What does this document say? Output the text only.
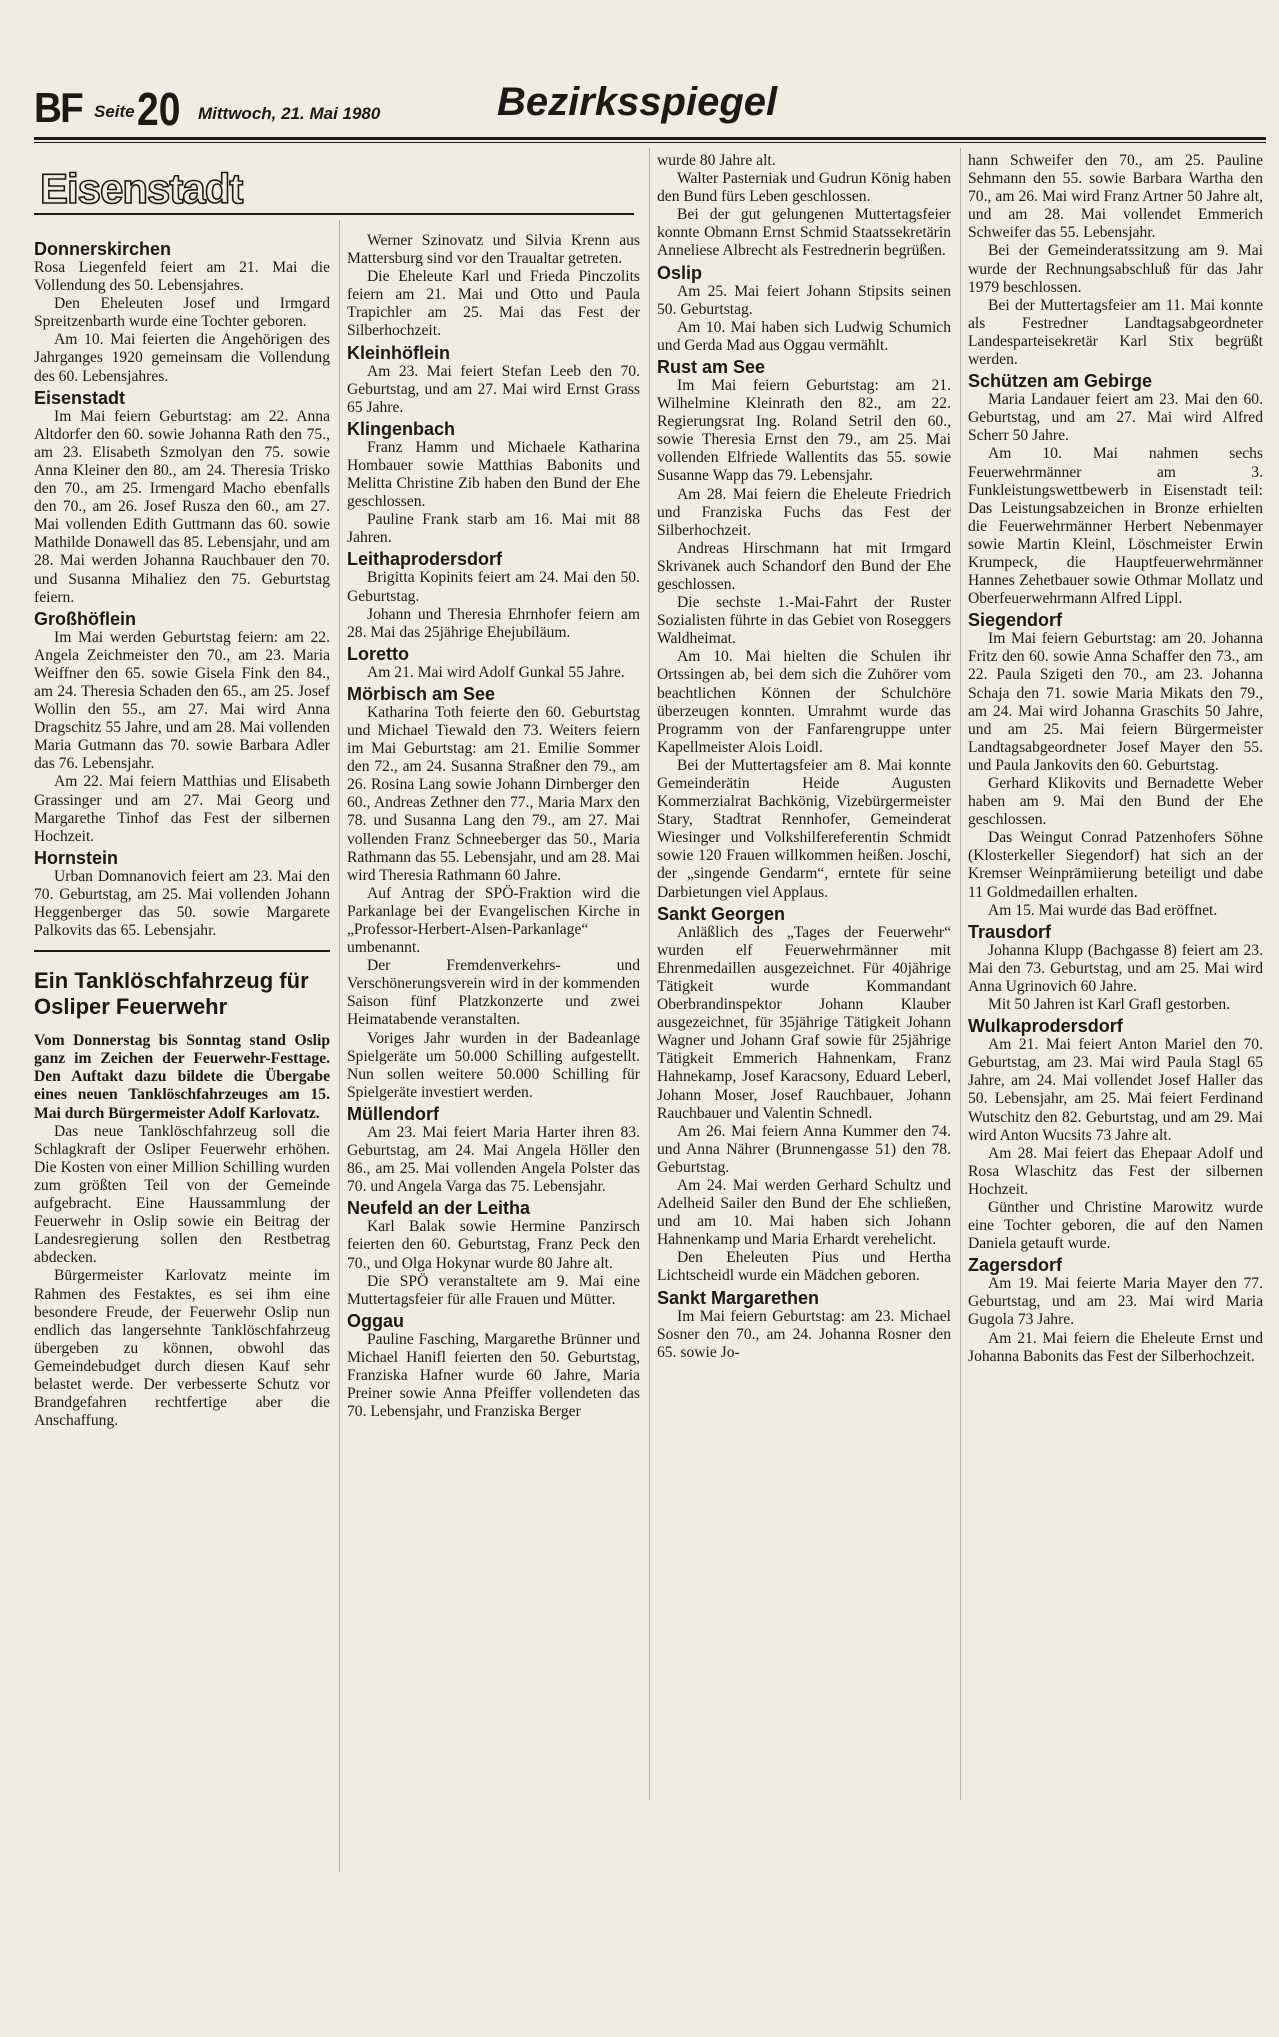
BF Seite 20 Mittwoch, 21. Mai 1980	Bezirksspiegel
Eisenstadt
Donnerskirchen

Rosa Liegenfeld feiert am 21. Mai die Vollendung des 50. Lebensjahres.

Den Eheleuten Josef und Irmgard Spreitzenbarth wurde eine Tochter geboren.

Am 10. Mai feierten die Angehörigen des Jahrganges 1920 gemeinsam die Vollendung des 60. Lebensjahres.

Eisenstadt

Im Mai feiern Geburtstag: am 22. Anna Altdorfer den 60. sowie Johanna Rath den 75., am 23. Elisabeth Szmolyan den 75. sowie Anna Kleiner den 80., am 24. Theresia Trisko den 70., am 25. Irmengard Macho ebenfalls den 70., am 26. Josef Rusza den 60., am 27. Mai vollenden Edith Guttmann das 60. sowie Mathilde Donawell das 85. Lebensjahr, und am 28. Mai werden Johanna Rauchbauer den 70. und Susanna Mihaliez den 75. Geburtstag feiern.

Großhöflein

Im Mai werden Geburtstag feiern: am 22. Angela Zeichmeister den 70., am 23. Maria Weiffner den 65. sowie Gisela Fink den 84., am 24. Theresia Schaden den 65., am 25. Josef Wollin den 55., am 27. Mai wird Anna Dragschitz 55 Jahre, und am 28. Mai vollenden Maria Gutmann das 70. sowie Barbara Adler das 76. Lebensjahr.

Am 22. Mai feiern Matthias und Elisabeth Grassinger und am 27. Mai Georg und Margarethe Tinhof das Fest der silbernen Hochzeit.

Hornstein

Urban Domnanovich feiert am 23. Mai den 70. Geburtstag, am 25. Mai vollenden Johann Heggenberger das 50. sowie Margarete Palkovits das 65. Lebensjahr.

Ein Tanklöschfahrzeug für Osliper Feuerwehr

Vom Donnerstag bis Sonntag stand Oslip ganz im Zeichen der Feuerwehr-Festtage. Den Auftakt dazu bildete die Übergabe eines neuen Tanklöschfahrzeuges am 15. Mai durch Bürgermeister Adolf Karlovatz.

Das neue Tanklöschfahrzeug soll die Schlagkraft der Osliper Feuerwehr erhöhen. Die Kosten von einer Million Schilling wurden zum größten Teil von der Gemeinde aufgebracht. Eine Haussammlung der Feuerwehr in Oslip sowie ein Beitrag der Landesregierung sollen den Restbetrag abdecken.

Bürgermeister Karlovatz meinte im Rahmen des Festaktes, es sei ihm eine besondere Freude, der Feuerwehr Oslip nun endlich das langersehnte Tanklöschfahrzeug übergeben zu können, obwohl das Gemeindebudget durch diesen Kauf sehr belastet werde. Der verbesserte Schutz vor Brandgefahren rechtfertige aber die Anschaffung.

Werner Szinovatz und Silvia Krenn aus Mattersburg sind vor den Traualtar getreten.

Die Eheleute Karl und Frieda Pinczolits feiern am 21. Mai und Otto und Paula Trapichler am 25. Mai das Fest der Silberhochzeit.

Kleinhöflein

Am 23. Mai feiert Stefan Leeb den 70. Geburtstag, und am 27. Mai wird Ernst Grass 65 Jahre.

Klingenbach

Franz Hamm und Michaele Katharina Hombauer sowie Matthias Babonits und Melitta Christine Zib haben den Bund der Ehe geschlossen.

Pauline Frank starb am 16. Mai mit 88 Jahren.

Leithaprodersdorf

Brigitta Kopinits feiert am 24. Mai den 50. Geburtstag.

Johann und Theresia Ehrnhofer feiern am 28. Mai das 25jährige Ehejubiläum.

Loretto

Am 21. Mai wird Adolf Gunkal 55 Jahre.

Mörbisch am See

Katharina Toth feierte den 60. Geburtstag und Michael Tiewald den 73. Weiters feiern im Mai Geburtstag: am 21. Emilie Sommer den 72., am 24. Susanna Straßner den 79., am 26. Rosina Lang sowie Johann Dirnberger den 60., Andreas Zethner den 77., Maria Marx den 78. und Susanna Lang den 79., am 27. Mai vollenden Franz Schneeberger das 50., Maria Rathmann das 55. Lebensjahr, und am 28. Mai wird Theresia Rathmann 60 Jahre.

Auf Antrag der SPÖ-Fraktion wird die Parkanlage bei der Evangelischen Kirche in „Professor-Herbert-Alsen-Parkanlage“ umbenannt.

Der Fremdenverkehrs- und Verschönerungsverein wird in der kommenden Saison fünf Platzkonzerte und zwei Heimatabende veranstalten.

Voriges Jahr wurden in der Badeanlage Spielgeräte um 50.000 Schilling aufgestellt. Nun sollen weitere 50.000 Schilling für Spielgeräte investiert werden.

Müllendorf

Am 23. Mai feiert Maria Harter ihren 83. Geburtstag, am 24. Mai Angela Höller den 86., am 25. Mai vollenden Angela Polster das 70. und Angela Varga das 75. Lebensjahr.

Neufeld an der Leitha

Karl Balak sowie Hermine Panzirsch feierten den 60. Geburtstag, Franz Peck den 70., und Olga Hokynar wurde 80 Jahre alt.

Die SPÖ veranstaltete am 9. Mai eine Muttertagsfeier für alle Frauen und Mütter.

Oggau

Pauline Fasching, Margarethe Brünner und Michael Hanifl feierten den 50. Geburtstag, Franziska Hafner wurde 60 Jahre, Maria Preiner sowie Anna Pfeiffer vollendeten das 70. Lebensjahr, und Franziska Berger

wurde 80 Jahre alt.

Walter Pasterniak und Gudrun König haben den Bund fürs Leben geschlossen.

Bei der gut gelungenen Muttertagsfeier konnte Obmann Ernst Schmid Staatssekretärin Anneliese Albrecht als Festrednerin begrüßen.

Oslip

Am 25. Mai feiert Johann Stipsits seinen 50. Geburtstag.

Am 10. Mai haben sich Ludwig Schumich und Gerda Mad aus Oggau vermählt.

Rust am See

Im Mai feiern Geburtstag: am 21. Wilhelmine Kleinrath den 82., am 22. Regierungsrat Ing. Roland Setril den 60., sowie Theresia Ernst den 79., am 25. Mai vollenden Elfriede Wallentits das 55. sowie Susanne Wapp das 79. Lebensjahr.

Am 28. Mai feiern die Eheleute Friedrich und Franziska Fuchs das Fest der Silberhochzeit.

Andreas Hirschmann hat mit Irmgard Skrivanek auch Schandorf den Bund der Ehe geschlossen.

Die sechste 1.-Mai-Fahrt der Ruster Sozialisten führte in das Gebiet von Roseggers Waldheimat.

Am 10. Mai hielten die Schulen ihr Ortssingen ab, bei dem sich die Zuhörer vom beachtlichen Können der Schulchöre überzeugen konnten. Umrahmt wurde das Programm von der Fanfarengruppe unter Kapellmeister Alois Loidl.

Bei der Muttertagsfeier am 8. Mai konnte Gemeinderätin Heide Augusten Kommerzialrat Bachkönig, Vizebürgermeister Stary, Stadtrat Rennhofer, Gemeinderat Wiesinger und Volkshilfereferentin Schmidt sowie 120 Frauen willkommen heißen. Joschi, der „singende Gendarm“, erntete für seine Darbietungen viel Applaus.

Sankt Georgen

Anläßlich des „Tages der Feuerwehr“ wurden elf Feuerwehrmänner mit Ehrenmedaillen ausgezeichnet. Für 40jährige Tätigkeit wurde Kommandant Oberbrandinspektor Johann Klauber ausgezeichnet, für 35jährige Tätigkeit Johann Wagner und Johann Graf sowie für 25jährige Tätigkeit Emmerich Hahnenkam, Franz Hahnekamp, Josef Karacsony, Eduard Leberl, Johann Moser, Josef Rauchbauer, Johann Rauchbauer und Valentin Schnedl.

Am 26. Mai feiern Anna Kummer den 74. und Anna Nährer (Brunnengasse 51) den 78. Geburtstag.

Am 24. Mai werden Gerhard Schultz und Adelheid Sailer den Bund der Ehe schließen, und am 10. Mai haben sich Johann Hahnenkamp und Maria Erhardt verehelicht.

Den Eheleuten Pius und Hertha Lichtscheidl wurde ein Mädchen geboren.

Sankt Margarethen

Im Mai feiern Geburtstag: am 23. Michael Sosner den 70., am 24. Johanna Rosner den 65. sowie Jo-

hann Schweifer den 70., am 25. Pauline Sehmann den 55. sowie Barbara Wartha den 70., am 26. Mai wird Franz Artner 50 Jahre alt, und am 28. Mai vollendet Emmerich Schweifer das 55. Lebensjahr.

Bei der Gemeinderatssitzung am 9. Mai wurde der Rechnungsabschluß für das Jahr 1979 beschlossen.

Bei der Muttertagsfeier am 11. Mai konnte als Festredner Landtagsabgeordneter Landesparteisekretär Karl Stix begrüßt werden.

Schützen am Gebirge

Maria Landauer feiert am 23. Mai den 60. Geburtstag, und am 27. Mai wird Alfred Scherr 50 Jahre.

Am 10. Mai nahmen sechs Feuerwehrmänner am 3. Funkleistungswettbewerb in Eisenstadt teil: Das Leistungsabzeichen in Bronze erhielten die Feuerwehrmänner Herbert Nebenmayer sowie Martin Kleinl, Löschmeister Erwin Krumpeck, die Hauptfeuerwehrmänner Hannes Zehetbauer sowie Othmar Mollatz und Oberfeuerwehrmann Alfred Lippl.

Siegendorf

Im Mai feiern Geburtstag: am 20. Johanna Fritz den 60. sowie Anna Schaffer den 73., am 22. Paula Szigeti den 70., am 23. Johanna Schaja den 71. sowie Maria Mikats den 79., am 24. Mai wird Johanna Graschits 50 Jahre, und am 25. Mai feiern Bürgermeister Landtagsabgeordneter Josef Mayer den 55. und Paula Jankovits den 60. Geburtstag.

Gerhard Klikovits und Bernadette Weber haben am 9. Mai den Bund der Ehe geschlossen.

Das Weingut Conrad Patzenhofers Söhne (Klosterkeller Siegendorf) hat sich an der Kremser Weinprämiierung beteiligt und dabe 11 Goldmedaillen erhalten.

Am 15. Mai wurde das Bad eröffnet.

Trausdorf

Johanna Klupp (Bachgasse 8) feiert am 23. Mai den 73. Geburtstag, und am 25. Mai wird Anna Ugrinovich 60 Jahre.

Mit 50 Jahren ist Karl Grafl gestorben.

Wulkaprodersdorf

Am 21. Mai feiert Anton Mariel den 70. Geburtstag, am 23. Mai wird Paula Stagl 65 Jahre, am 24. Mai vollendet Josef Haller das 50. Lebensjahr, am 25. Mai feiert Ferdinand Wutschitz den 82. Geburtstag, und am 29. Mai wird Anton Wucsits 73 Jahre alt.

Am 28. Mai feiert das Ehepaar Adolf und Rosa Wlaschitz das Fest der silbernen Hochzeit.

Günther und Christine Marowitz wurde eine Tochter geboren, die auf den Namen Daniela getauft wurde.

Zagersdorf

Am 19. Mai feierte Maria Mayer den 77. Geburtstag, und am 23. Mai wird Maria Gugola 73 Jahre.

Am 21. Mai feiern die Eheleute Ernst und Johanna Babonits das Fest der Silberhochzeit.
